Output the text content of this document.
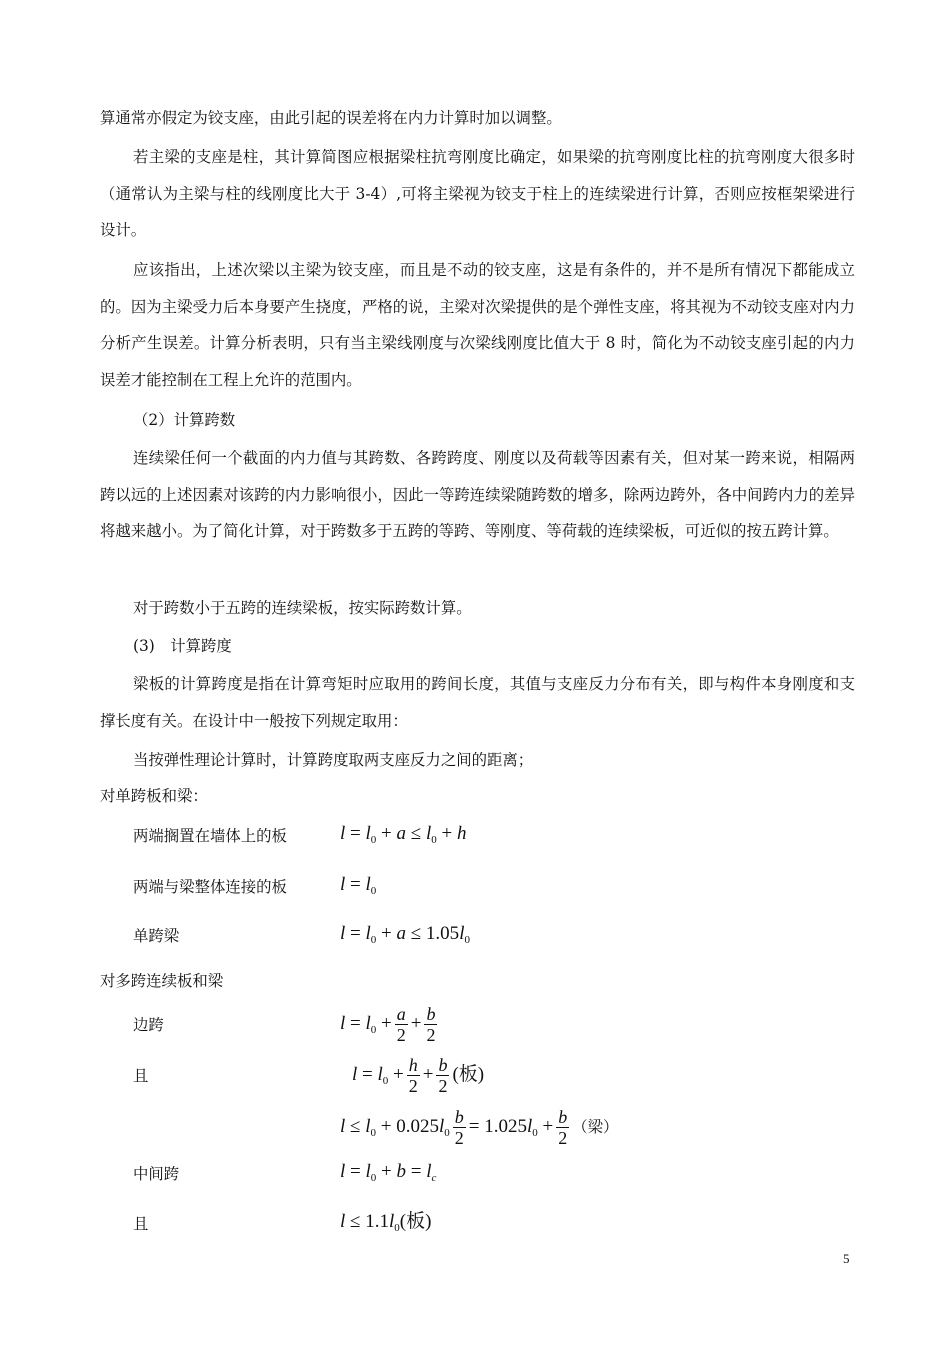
算通常亦假定为铰支座，由此引起的误差将在内力计算时加以调整。

若主梁的支座是柱，其计算简图应根据梁柱抗弯刚度比确定，如果梁的抗弯刚度比柱的抗弯刚度大很多时（通常认为主梁与柱的线刚度比大于 3-4）,可将主梁视为铰支于柱上的连续梁进行计算，否则应按框架梁进行设计。

应该指出，上述次梁以主梁为铰支座，而且是不动的铰支座，这是有条件的，并不是所有情况下都能成立的。因为主梁受力后本身要产生挠度，严格的说，主梁对次梁提供的是个弹性支座，将其视为不动铰支座对内力分析产生误差。计算分析表明，只有当主梁线刚度与次梁线刚度比值大于 8 时，简化为不动铰支座引起的内力误差才能控制在工程上允许的范围内。

（2）计算跨数

连续梁任何一个截面的内力值与其跨数、各跨跨度、刚度以及荷载等因素有关，但对某一跨来说，相隔两跨以远的上述因素对该跨的内力影响很小，因此一等跨连续梁随跨数的增多，除两边跨外，各中间跨内力的差异将越来越小。为了简化计算，对于跨数多于五跨的等跨、等刚度、等荷载的连续梁板，可近似的按五跨计算。

对于跨数小于五跨的连续梁板，按实际跨数计算。

(3)　计算跨度

梁板的计算跨度是指在计算弯矩时应取用的跨间长度，其值与支座反力分布有关，即与构件本身刚度和支撑长度有关。在设计中一般按下列规定取用：

当按弹性理论计算时，计算跨度取两支座反力之间的距离；

对单跨板和梁：

两端搁置在墙体上的板	$l = l_0 + a \le l_0 + h$

两端与梁整体连接的板	$l = l_0$

单跨梁	$l = l_0 + a \le 1.05l_0$

对多跨连续板和梁

边跨	$l = l_0 + \frac{a}{2} + \frac{b}{2}$

且	$l = l_0 + \frac{h}{2} + \frac{b}{2}$ (板)
$l \le l_0 + 0.025l_0 \frac{b}{2} = 1.025l_0 + \frac{b}{2}$ （梁）

中间跨	$l = l_0 + b = l_c$

且	$l \le 1.1l_0$(板)
5
